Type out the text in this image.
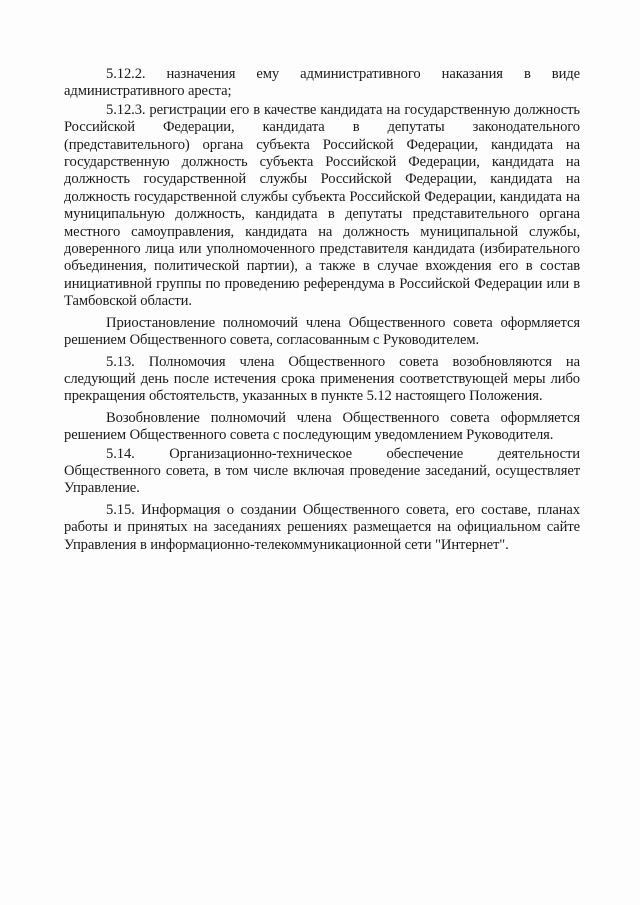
5.12.2. назначения ему административного наказания в виде административного ареста;

5.12.3. регистрации его в качестве кандидата на государственную должность Российской Федерации, кандидата в депутаты законодательного (представительного) органа субъекта Российской Федерации, кандидата на государственную должность субъекта Российской Федерации, кандидата на должность государственной службы Российской Федерации, кандидата на должность государственной службы субъекта Российской Федерации, кандидата на муниципальную должность, кандидата в депутаты представительного органа местного самоуправления, кандидата на должность муниципальной службы, доверенного лица или уполномоченного представителя кандидата (избирательного объединения, политической партии), а также в случае вхождения его в состав инициативной группы по проведению референдума в Российской Федерации или в Тамбовской области.

Приостановление полномочий члена Общественного совета оформляется решением Общественного совета, согласованным с Руководителем.

5.13. Полномочия члена Общественного совета возобновляются на следующий день после истечения срока применения соответствующей меры либо прекращения обстоятельств, указанных в пункте 5.12 настоящего Положения.

Возобновление полномочий члена Общественного совета оформляется решением Общественного совета с последующим уведомлением Руководителя.

5.14. Организационно-техническое обеспечение деятельности Общественного совета, в том числе включая проведение заседаний, осуществляет Управление.

5.15. Информация о создании Общественного совета, его составе, планах работы и принятых на заседаниях решениях размещается на официальном сайте Управления в информационно-телекоммуникационной сети "Интернет".
